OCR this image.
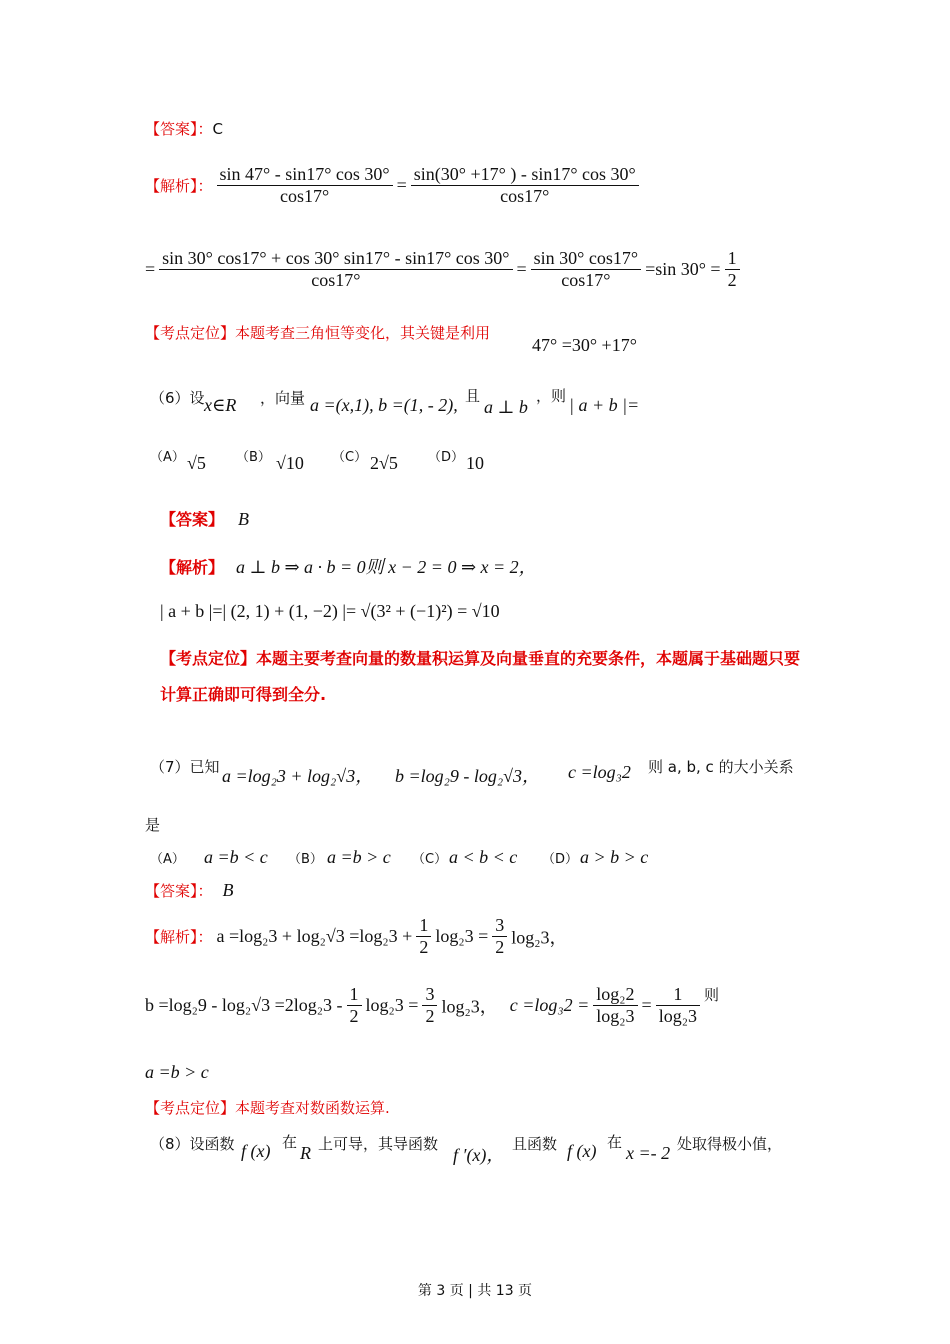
【答案】：C
【解析】： $\frac{\sin 47^\circ - \sin 17^\circ \cos 30^\circ}{\cos 17^\circ} = \frac{\sin(30^\circ +17^\circ ) - \sin 17^\circ \cos 30^\circ}{\cos 17^\circ}$
= $\frac{\sin 30^\circ \cos 17^\circ + \cos 30^\circ \sin 17^\circ - \sin 17^\circ \cos 30^\circ}{\cos 17^\circ} = \frac{\sin 30^\circ \cos 17^\circ}{\cos 17^\circ} =\sin$ $30^\circ = \frac{1}{2}$
【考点定位】本题考查三角恒等变化，其关键是利用
47° =30° +17°
（6）设 x∈R ，向量 a =(x,1), b =(1, - 2), 且
a ⊥ b
，则 | a + b |=
（A） √5 （B） √10 （C） 2√5 （D） 10
【答案】 B
【解析】 a ⊥ b ⇒ a · b = 0则 x − 2 = 0 ⇒ x = 2，
| a + b |=| (2, 1) + (1, −2) |= √(3² + (−1)²) = √10
【考点定位】本题主要考查向量的数量积运算及向量垂直的充要条件，本题属于基础题只要
计算正确即可得到全分.
（7）已知 a =log₂3 + log₂√3， b =log₂9 - log₂√3， c =log₃2 则 a, b, c 的大小关系
是
（A） a =b < c （B） a =b > c （C） a < b < c （D） a > b > c
【答案】： B
【解析】： $a =\log_23 + \log_2√3 =\log_23 + \frac{1}{2} \log_23 = \frac{3}{2} \log_23$，
$b =\log_29 - \log_2√3 =2\log_23 - \frac{1}{2} \log_23 = \frac{3}{2} \log_23$， $c =\log_32 = \frac{\text{log₂2}}{\text{log₂3}} = \frac{1}{\text{log₂3}}$ 则
a =b > c
【考点定位】本题考查对数函数运算.
（8）设函数 f (x) 在
R 上可导，其导函数
f ′(x)，
且函数 f (x) 在
x =- 2 处取得极小值，
第 3 页 | 共 13 页
